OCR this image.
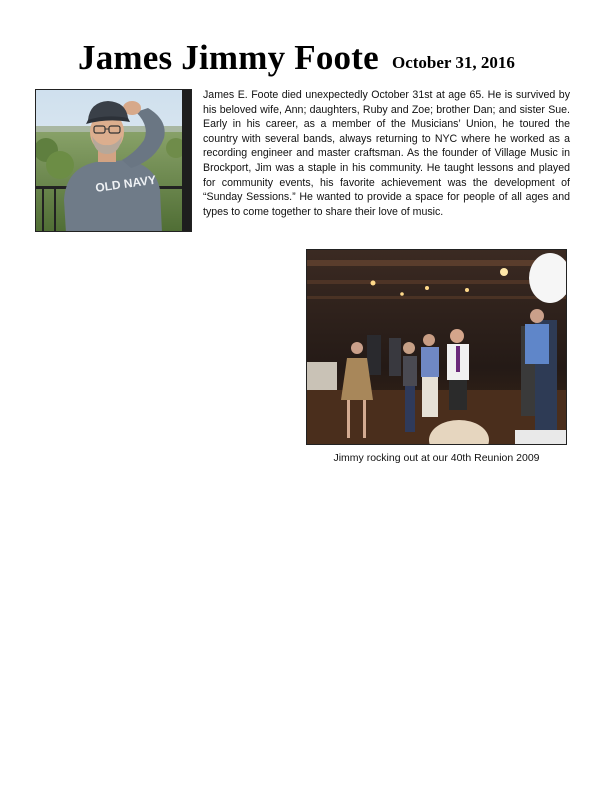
James Jimmy Foote October 31, 2016
OLD NAVY

James E. Foote died unexpectedly October 31st at age 65. He is survived by his beloved wife, Ann; daughters, Ruby and Zoe; brother Dan; and sister Sue. Early in his career, as a member of the Musicians’ Union, he toured the country with several bands, always returning to NYC where he worked as a recording engineer and master craftsman. As the founder of Village Music in Brockport, Jim was a staple in his community. He taught lessons and played for community events, his favorite achievement was the development of “Sunday Sessions.” He wanted to provide a space for people of all ages and types to come together to share their love of music.

Jimmy rocking out at our 40th Reunion 2009
